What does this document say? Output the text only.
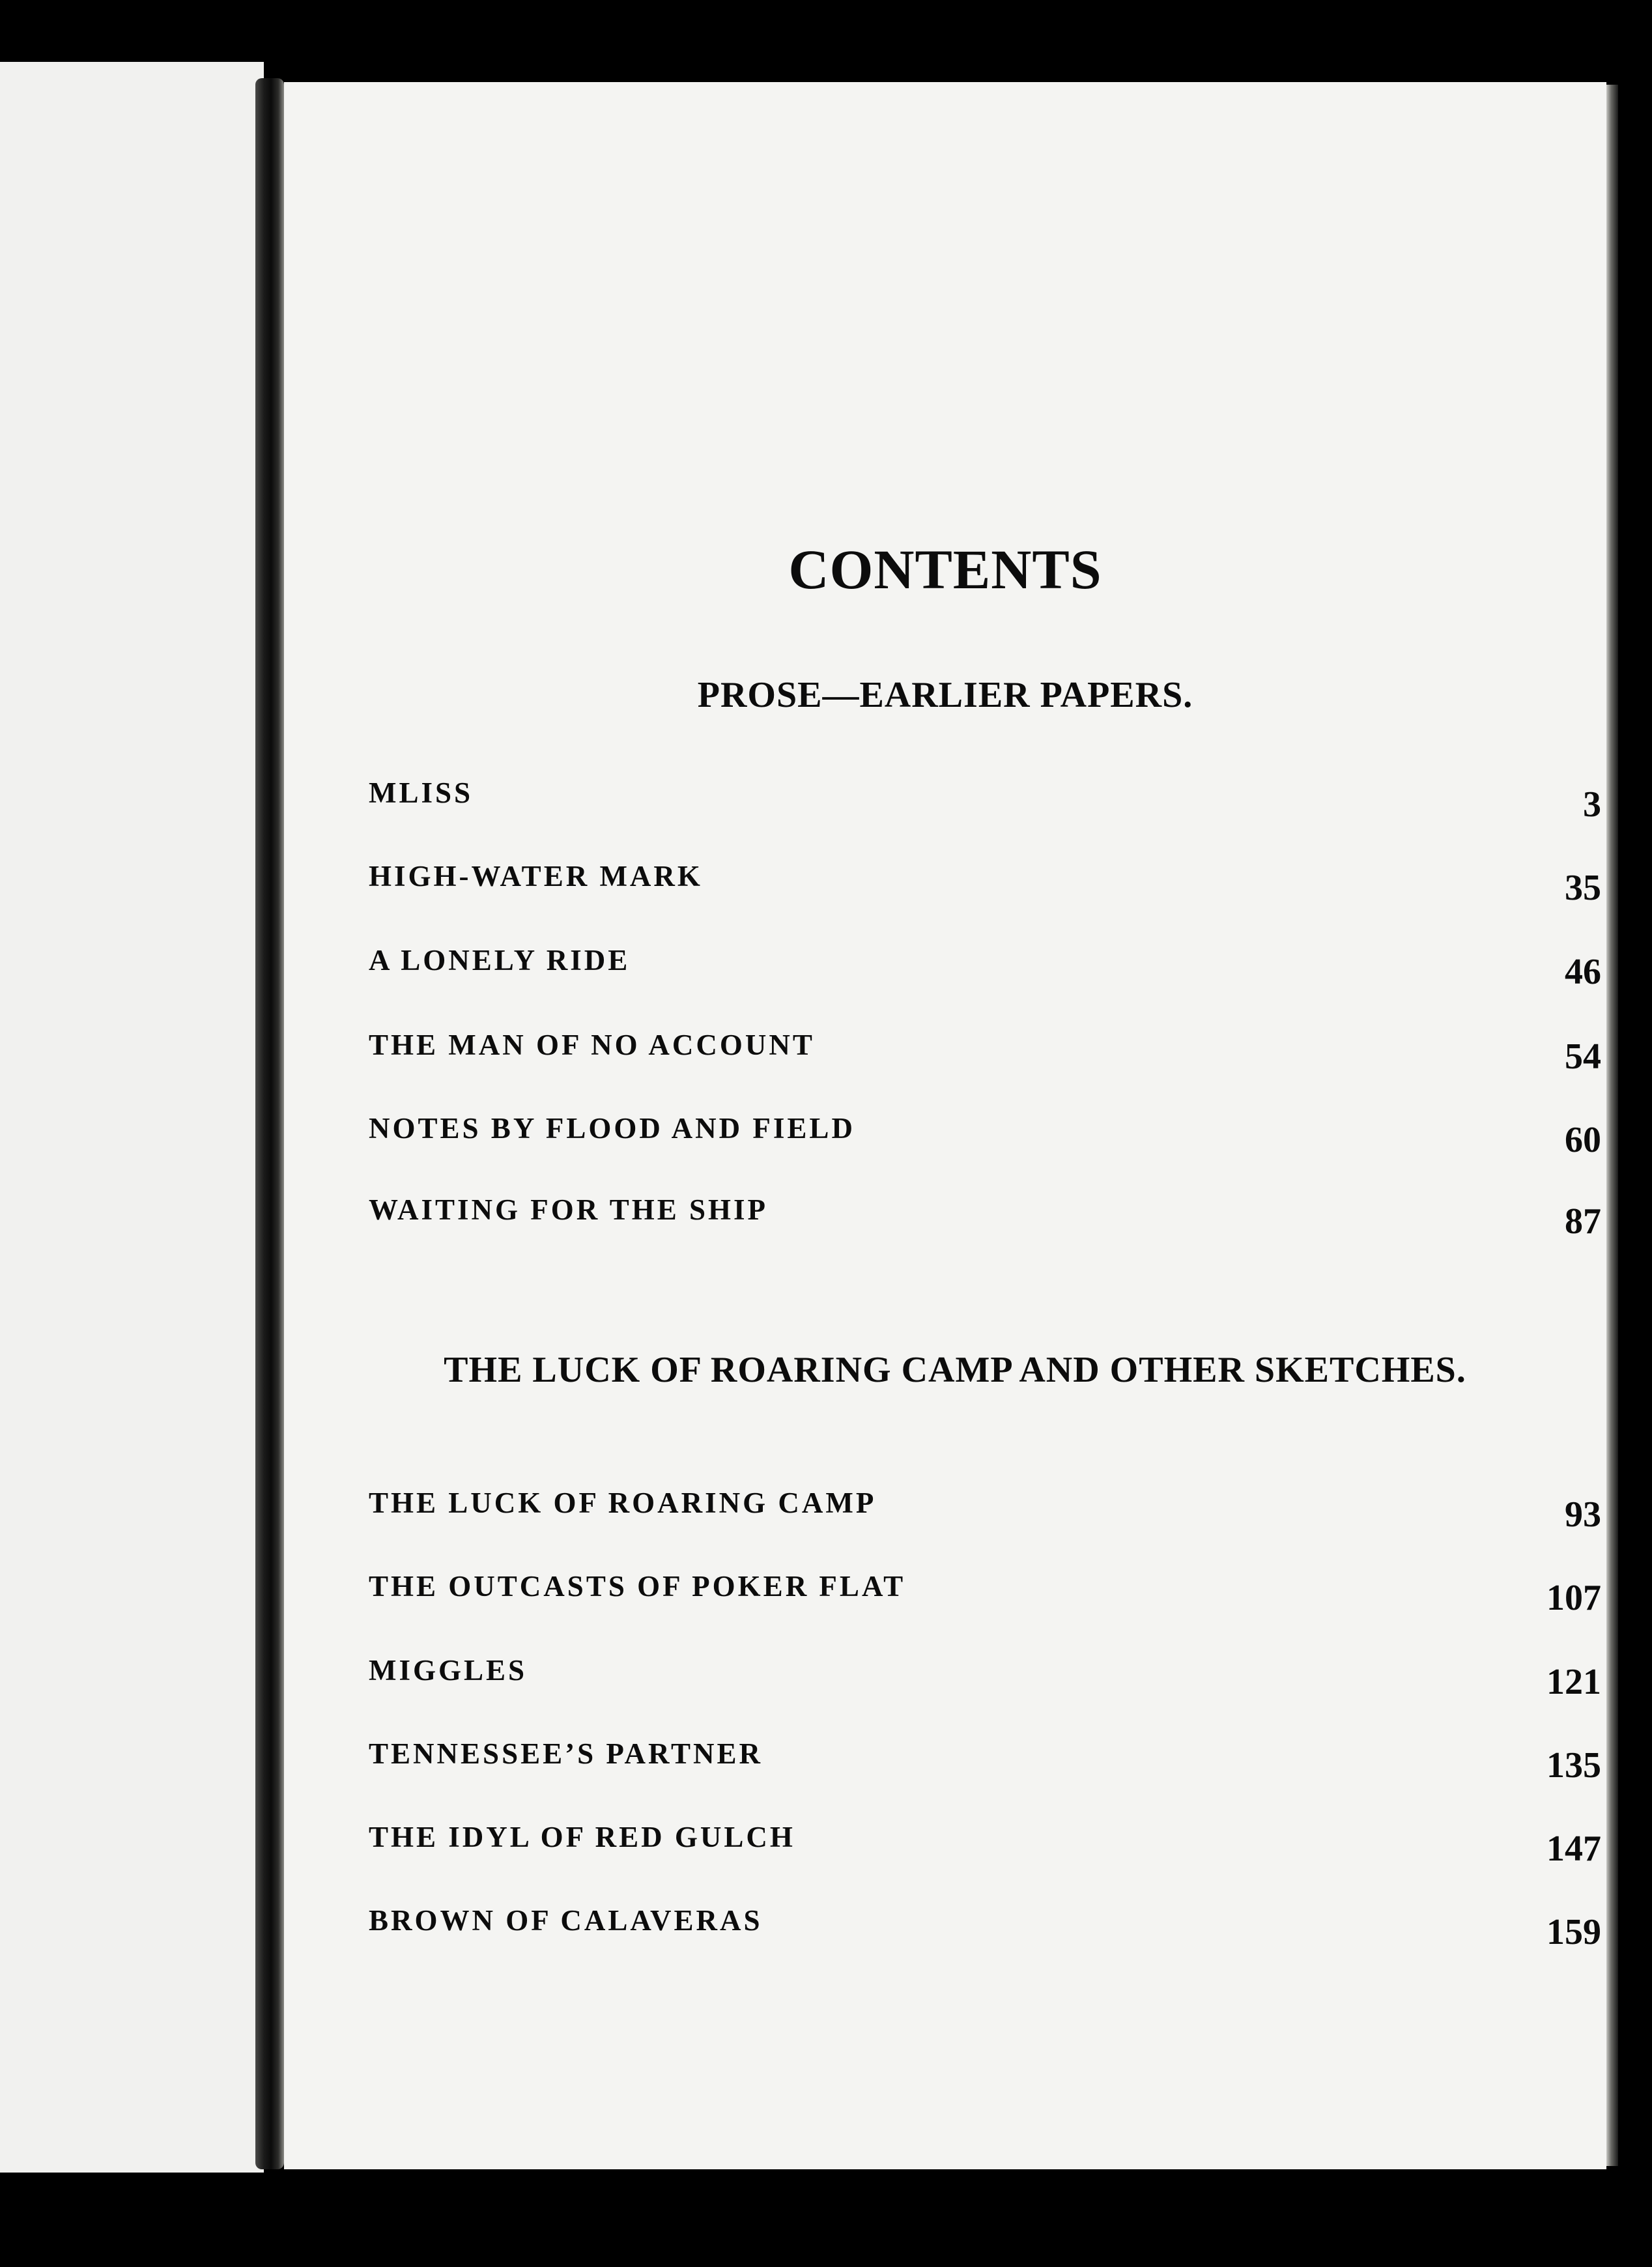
CONTENTS
PROSE—EARLIER PAPERS.
MLISS	3
HIGH-WATER MARK	35
A LONELY RIDE	46
THE MAN OF NO ACCOUNT	54
NOTES BY FLOOD AND FIELD	60
WAITING FOR THE SHIP	87
THE LUCK OF ROARING CAMP AND OTHER SKETCHES.
THE LUCK OF ROARING CAMP	93
THE OUTCASTS OF POKER FLAT	107
MIGGLES	121
TENNESSEE’S PARTNER	135
THE IDYL OF RED GULCH	147
BROWN OF CALAVERAS	159
